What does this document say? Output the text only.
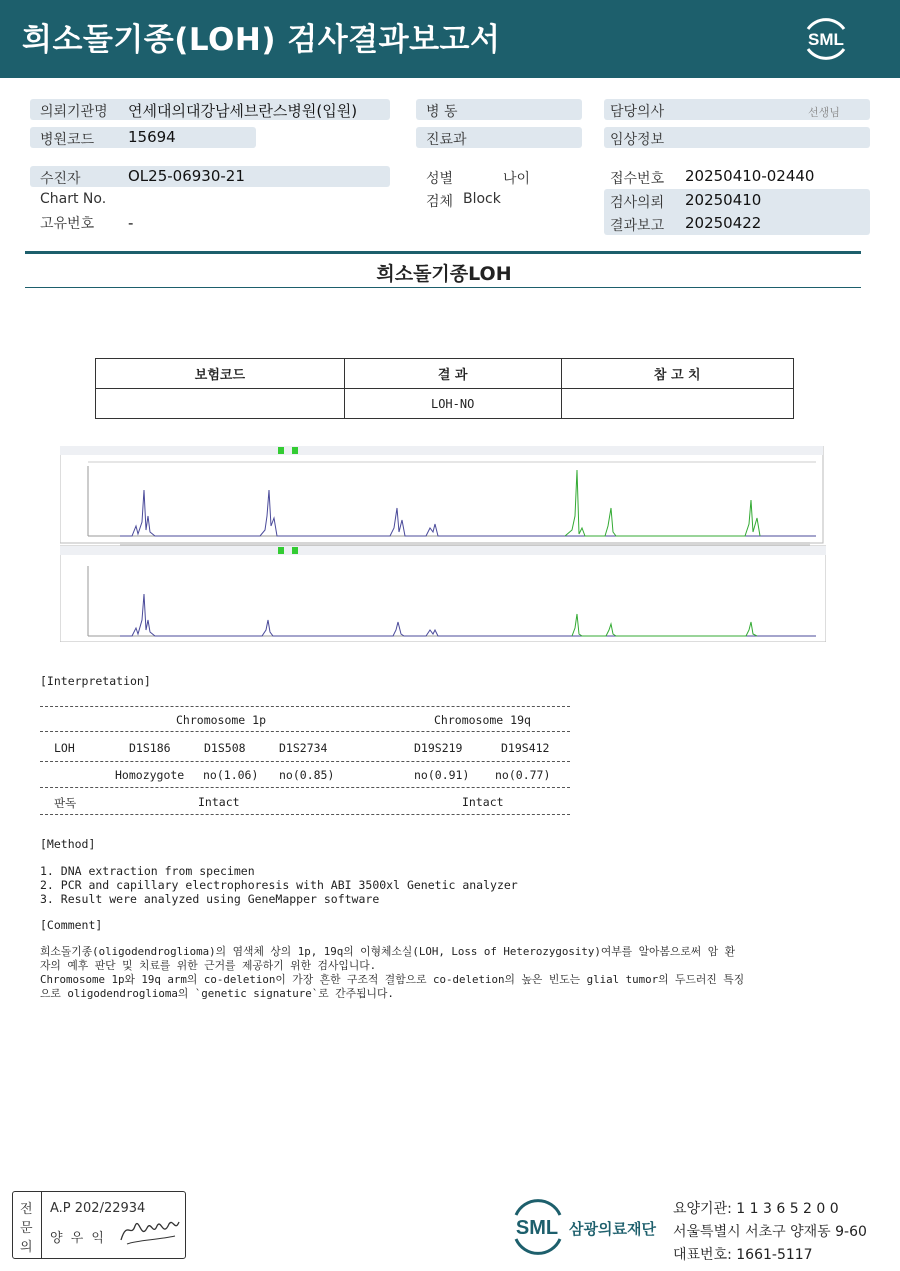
희소돌기종(LOH) 검사결과보고서	SML
의뢰기관명 연세대의대강남세브란스병원(입원)
병원코드 15694
병 동
진료과
담당의사	선생님
임상정보
수진자	OL25-06930-21
Chart No.
고유번호 -
성별	나이
검체 Block
접수번호 20250410-02440
검사의뢰 20250410
결과보고 20250422
희소돌기종LOH
보험코드	결 과	참 고 치
	LOH-NO	
[Interpretation]
Chromosome 1p	Chromosome 19q
LOH	D1S186	D1S508	D1S2734	D19S219	D19S412
Homozygote no(1.06) no(0.85)	no(0.91) no(0.77)
판독	Intact	Intact
[Method]
1. DNA extraction from specimen
2. PCR and capillary electrophoresis with ABI 3500xl Genetic analyzer
3. Result were analyzed using GeneMapper software
[Comment]
희소돌기종(oligodendroglioma)의 염색체 상의 1p, 19q의 이형체소실(LOH, Loss of Heterozygosity)여부를 알아봄으로써 암 환
자의 예후 판단 및 치료를 위한 근거를 제공하기 위한 검사입니다.
Chromosome 1p와 19q arm의 co-deletion이 가장 흔한 구조적 결함으로 co-deletion의 높은 빈도는 glial tumor의 두드러진 특징
으로 oligodendroglioma의 `genetic signature`로 간주됩니다.
전
문
의
A.P 202/22934
양 우 익	SML 삼광의료재단
요양기관: 1 1 3 6 5 2 0 0
서울특별시 서초구 양재동 9-60
대표번호: 1661-5117
